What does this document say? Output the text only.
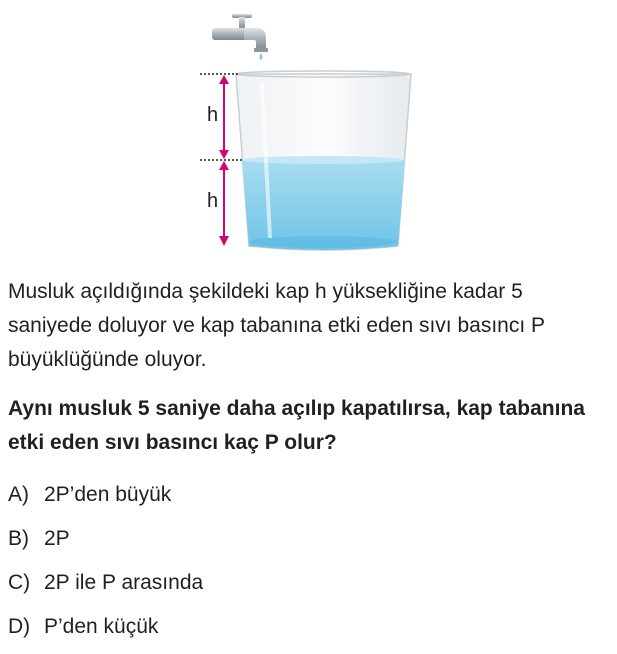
h
h
Musluk açıldığında şekildeki kap h yüksekliğine kadar 5 saniyede doluyor ve kap tabanına etki eden sıvı basıncı P büyüklüğünde oluyor.
Aynı musluk 5 saniye daha açılıp kapatılırsa, kap tabanına etki eden sıvı basıncı kaç P olur?
A) 2P’den büyük
B) 2P
C) 2P ile P arasında
D) P’den küçük
